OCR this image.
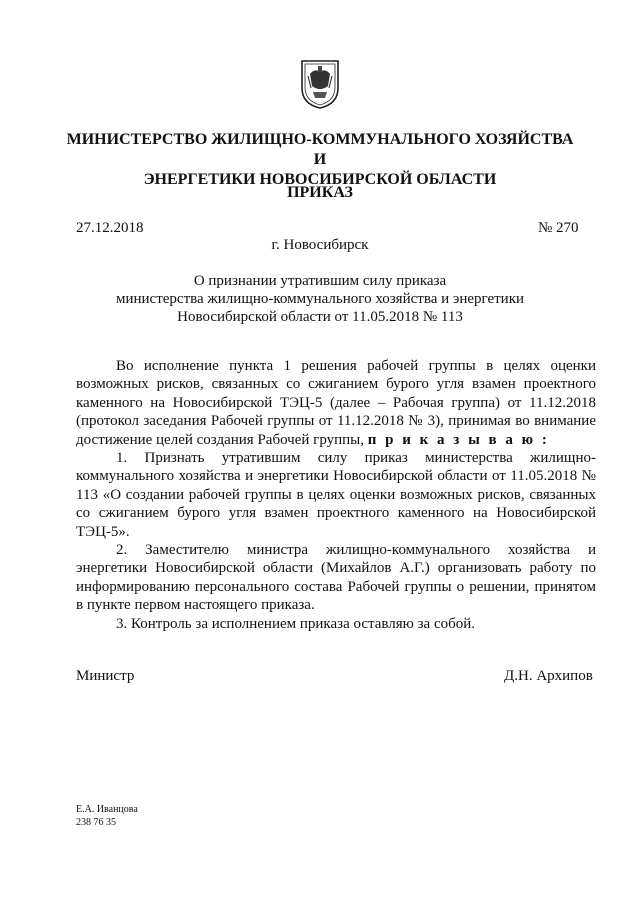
МИНИСТЕРСТВО ЖИЛИЩНО-КОММУНАЛЬНОГО ХОЗЯЙСТВА И
ЭНЕРГЕТИКИ НОВОСИБИРСКОЙ ОБЛАСТИ
ПРИКАЗ
27.12.2018	№ 270
г. Новосибирск
О признании утратившим силу приказа
министерства жилищно-коммунального хозяйства и энергетики
Новосибирской области от 11.05.2018 № 113

Во исполнение пункта 1 решения рабочей группы в целях оценки возможных рисков, связанных со сжиганием бурого угля взамен проектного каменного на Новосибирской ТЭЦ-5 (далее – Рабочая группа) от 11.12.2018 (протокол заседания Рабочей группы от 11.12.2018 № 3), принимая во внимание достижение целей создания Рабочей группы, п р и к а з ы в а ю :

1. Признать утратившим силу приказ министерства жилищно-коммунального хозяйства и энергетики Новосибирской области от 11.05.2018 № 113 «О создании рабочей группы в целях оценки возможных рисков, связанных со сжиганием бурого угля взамен проектного каменного на Новосибирской ТЭЦ-5».

2. Заместителю министра жилищно-коммунального хозяйства и энергетики Новосибирской области (Михайлов А.Г.) организовать работу по информированию персонального состава Рабочей группы о решении, принятом в пункте первом настоящего приказа.

3. Контроль за исполнением приказа оставляю за собой.

Министр	Д.Н. Архипов
Е.А. Иванцова
238 76 35
